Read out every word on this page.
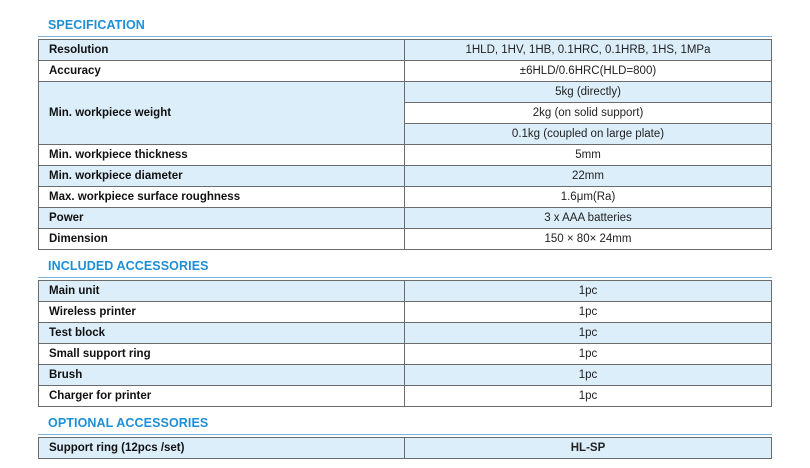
SPECIFICATION
Resolution	1HLD, 1HV, 1HB, 0.1HRC, 0.1HRB, 1HS, 1MPa
Accuracy	±6HLD/0.6HRC(HLD=800)
Min. workpiece weight	5kg (directly)
	2kg (on solid support)
	0.1kg (coupled on large plate)
Min. workpiece thickness	5mm
Min. workpiece diameter	22mm
Max. workpiece surface roughness	1.6μm(Ra)
Power	3 x AAA batteries
Dimension	150 × 80× 24mm
INCLUDED ACCESSORIES
Main unit	1pc
Wireless printer	1pc
Test block	1pc
Small support ring	1pc
Brush	1pc
Charger for printer	1pc
OPTIONAL ACCESSORIES
Support ring (12pcs /set)	HL-SP
